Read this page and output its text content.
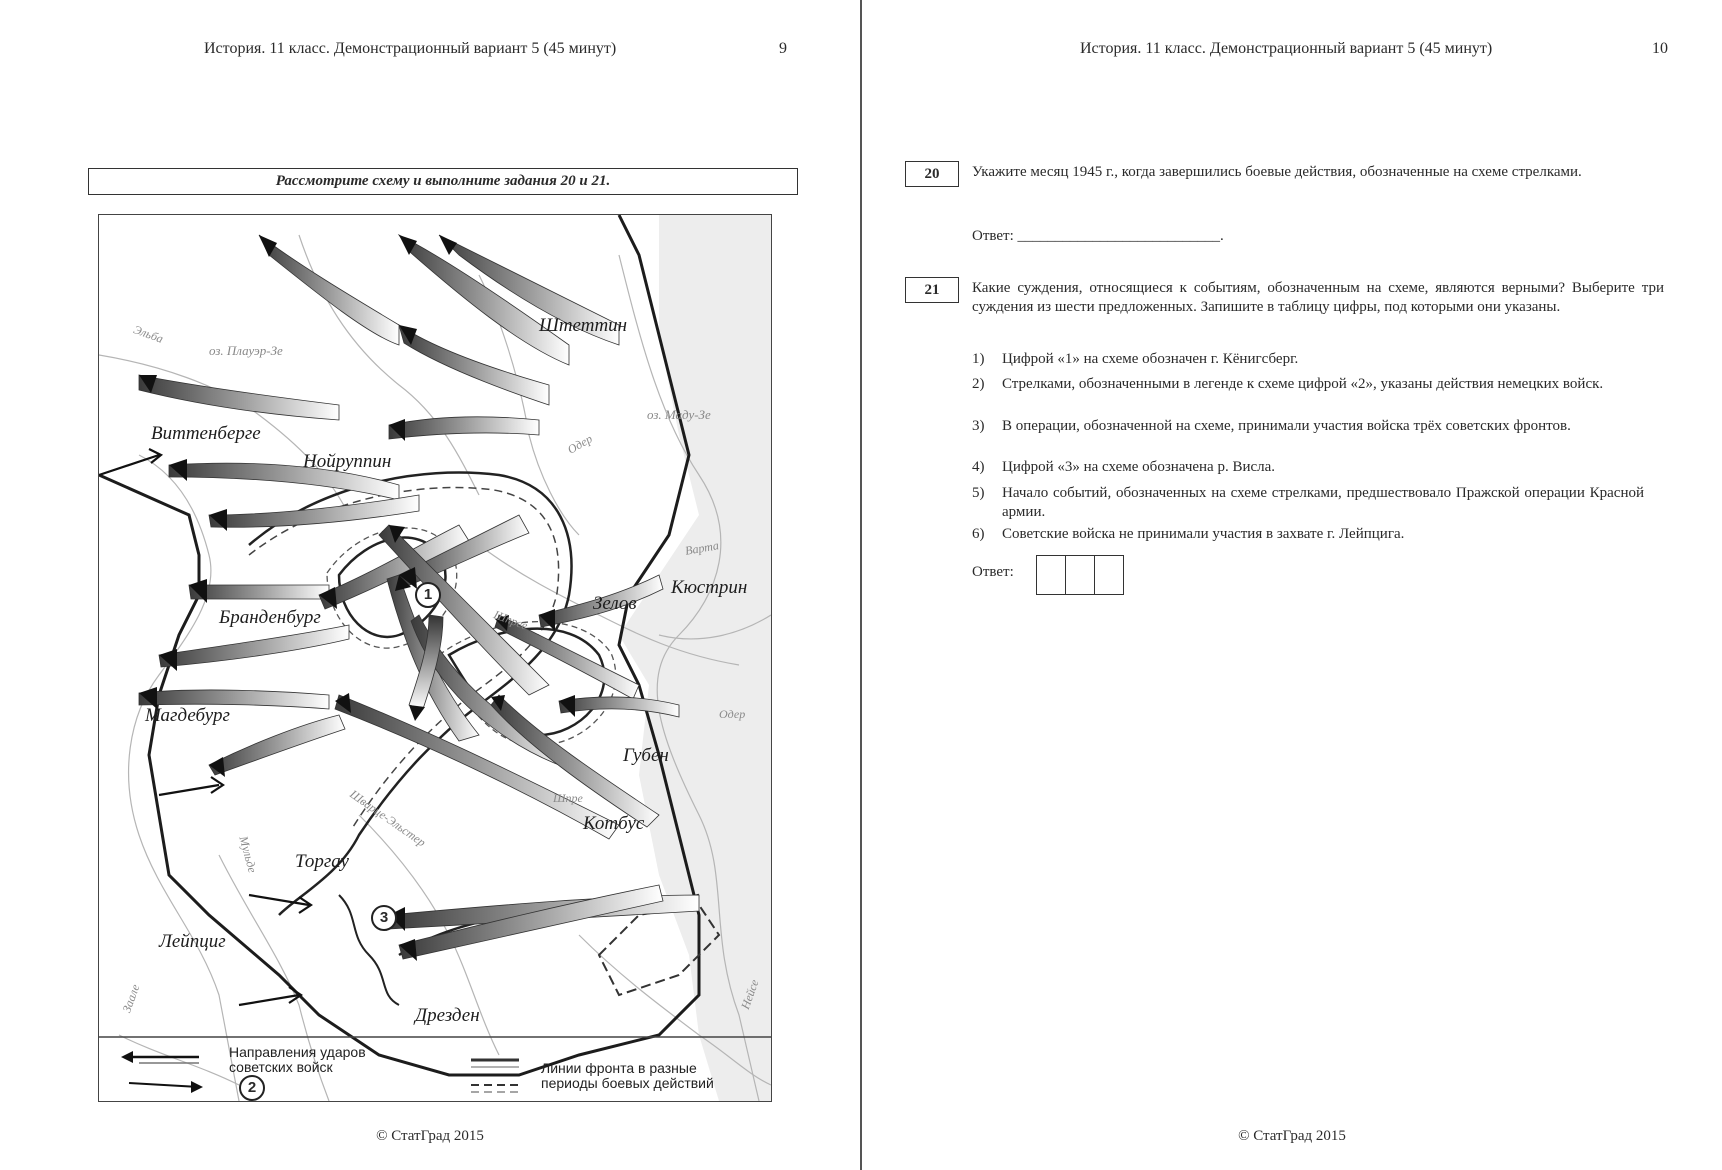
История. 11 класс. Демонстрационный вариант 5 (45 минут)	9
Рассмотрите схему и выполните задания 20 и 21.
Штеттин
Виттенберге
Нойруппин
Кюстрин
Зелов
Бранденбург
Магдебург
Губен
Котбус
Торгау
Лейпциг
Дрезден
оз. Плауэр-Зе
оз. Маду-Зе
Эльба
Одер
Варта
Шпрее
Одер
Шварце-Эльстер	Шпре
Мульде
Заале	Нейсе
1
3
Направления ударов советских войск
2
Линии фронта в разные периоды боевых действий
© СтатГрад 2015
История. 11 класс. Демонстрационный вариант 5 (45 минут)	10
© СтатГрад 2015
20	Укажите месяц 1945 г., когда завершились боевые действия, обозначенные на схеме стрелками.
Ответ: ___________________________.
21	Какие суждения, относящиеся к событиям, обозначенным на схеме, являются верными? Выберите три суждения из шести предложенных. Запишите в таблицу цифры, под которыми они указаны.
1)	Цифрой «1» на схеме обозначен г. Кёнигсберг.
2)	Стрелками, обозначенными в легенде к схеме цифрой «2», указаны действия немецких войск.
3)	В операции, обозначенной на схеме, принимали участия войска трёх советских фронтов.
4)	Цифрой «3» на схеме обозначена р. Висла.
5)	Начало событий, обозначенных на схеме стрелками, предшествовало Пражской операции Красной армии.
6)	Советские войска не принимали участия в захвате г. Лейпцига.
Ответ:
